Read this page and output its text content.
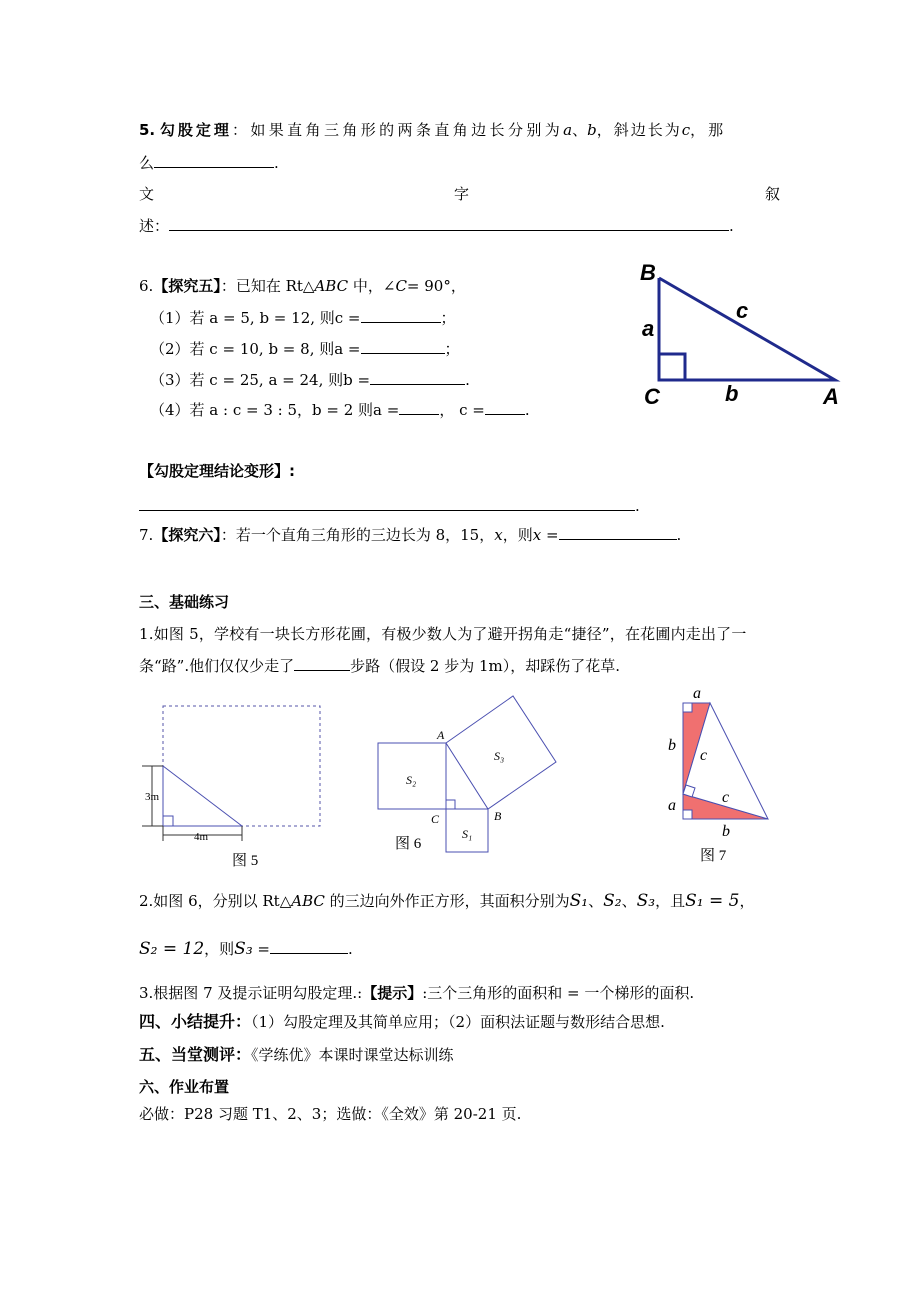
5. 勾股定理：如果直角三角形的两条直角边长分别为a、b，斜边长为c，那
么	.
文	字	叙
述：	.
6.【探究五】：已知在 Rt△ABC 中，∠C= 90°，
（1）若 a = 5, b = 12, 则c =	；
（2）若 c = 10, b = 8, 则a =	；
（3）若 c = 25, a = 24, 则b =	.
（4）若 a : c = 3 : 5，b = 2 则a =	， c =	.
B
C	A
a
b
c
【勾股定理结论变形】:
.
7.【探究六】：若一个直角三角形的三边长为 8，15，x，则x =	.
三、基础练习
1.如图 5，学校有一块长方形花圃，有极少数人为了避开拐角走“捷径”，在花圃内走出了一
条“路”.他们仅仅少走了	步路（假设 2 步为 1m），却踩伤了花草.
3m
4m
图 5
A
B
C
S₂
S₁
S₃
图 6
a
b
c
a	c
b
图 7
2.如图 6，分别以 Rt△ABC 的三边向外作正方形，其面积分别为S₁、S₂、S₃，且S₁ = 5，
S₂ = 12，则S₃ =	.
3.根据图 7 及提示证明勾股定理.:【提示】:三个三角形的面积和 = 一个梯形的面积.
四、小结提升：（1）勾股定理及其简单应用；（2）面积法证题与数形结合思想.
五、当堂测评：《学练优》本课时课堂达标训练
六、作业布置
必做：P28 习题 T1、2、3；选做：《全效》第 20-21 页.
